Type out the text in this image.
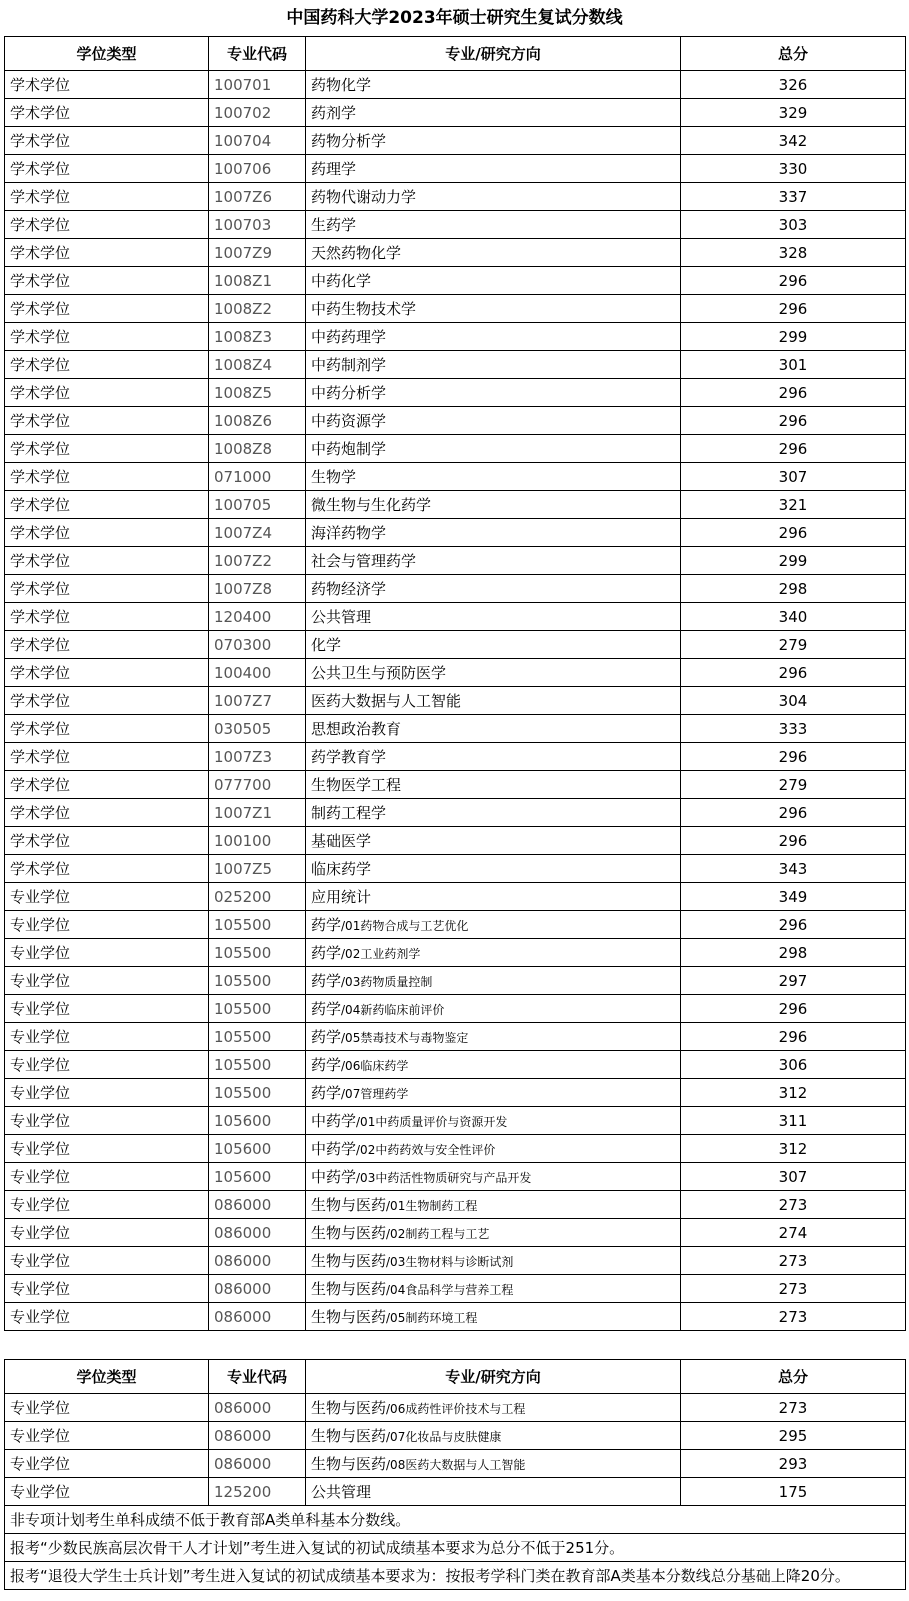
中国药科大学2023年硕士研究生复试分数线
学位类型	专业代码	专业/研究方向	总分
学术学位	100701	药物化学	326
学术学位	100702	药剂学	329
学术学位	100704	药物分析学	342
学术学位	100706	药理学	330
学术学位	1007Z6	药物代谢动力学	337
学术学位	100703	生药学	303
学术学位	1007Z9	天然药物化学	328
学术学位	1008Z1	中药化学	296
学术学位	1008Z2	中药生物技术学	296
学术学位	1008Z3	中药药理学	299
学术学位	1008Z4	中药制剂学	301
学术学位	1008Z5	中药分析学	296
学术学位	1008Z6	中药资源学	296
学术学位	1008Z8	中药炮制学	296
学术学位	071000	生物学	307
学术学位	100705	微生物与生化药学	321
学术学位	1007Z4	海洋药物学	296
学术学位	1007Z2	社会与管理药学	299
学术学位	1007Z8	药物经济学	298
学术学位	120400	公共管理	340
学术学位	070300	化学	279
学术学位	100400	公共卫生与预防医学	296
学术学位	1007Z7	医药大数据与人工智能	304
学术学位	030505	思想政治教育	333
学术学位	1007Z3	药学教育学	296
学术学位	077700	生物医学工程	279
学术学位	1007Z1	制药工程学	296
学术学位	100100	基础医学	296
学术学位	1007Z5	临床药学	343
专业学位	025200	应用统计	349
专业学位	105500	药学/01药物合成与工艺优化	296
专业学位	105500	药学/02工业药剂学	298
专业学位	105500	药学/03药物质量控制	297
专业学位	105500	药学/04新药临床前评价	296
专业学位	105500	药学/05禁毒技术与毒物鉴定	296
专业学位	105500	药学/06临床药学	306
专业学位	105500	药学/07管理药学	312
专业学位	105600	中药学/01中药质量评价与资源开发	311
专业学位	105600	中药学/02中药药效与安全性评价	312
专业学位	105600	中药学/03中药活性物质研究与产品开发	307
专业学位	086000	生物与医药/01生物制药工程	273
专业学位	086000	生物与医药/02制药工程与工艺	274
专业学位	086000	生物与医药/03生物材料与诊断试剂	273
专业学位	086000	生物与医药/04食品科学与营养工程	273
专业学位	086000	生物与医药/05制药环境工程	273
学位类型	专业代码	专业/研究方向	总分
专业学位	086000	生物与医药/06成药性评价技术与工程	273
专业学位	086000	生物与医药/07化妆品与皮肤健康	295
专业学位	086000	生物与医药/08医药大数据与人工智能	293
专业学位	125200	公共管理	175
非专项计划考生单科成绩不低于教育部A类单科基本分数线。			
报考“少数民族高层次骨干人才计划”考生进入复试的初试成绩基本要求为总分不低于251分。			
报考“退役大学生士兵计划”考生进入复试的初试成绩基本要求为：按报考学科门类在教育部A类基本分数线总分基础上降20分。			
